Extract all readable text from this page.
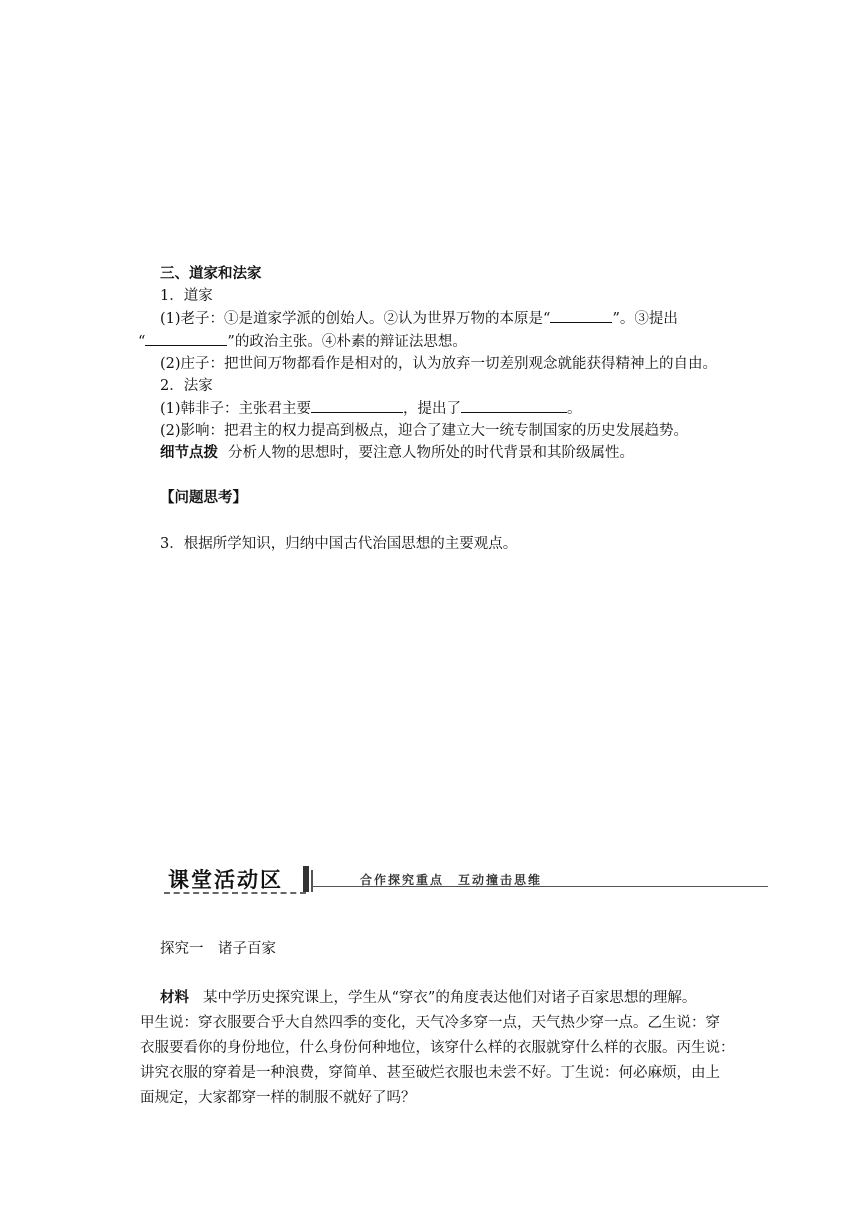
三、道家和法家
1．道家
(1)老子：①是道家学派的创始人。②认为世界万物的本原是“	”。③提出
“	”的政治主张。④朴素的辩证法思想。
(2)庄子：把世间万物都看作是相对的，认为放弃一切差别观念就能获得精神上的自由。
2．法家
(1)韩非子：主张君主要	，提出了	。
(2)影响：把君主的权力提高到极点，迎合了建立大一统专制国家的历史发展趋势。
细节点拨 分析人物的思想时，要注意人物所处的时代背景和其阶级属性。
【问题思考】
3．根据所学知识，归纳中国古代治国思想的主要观点。
课堂活动区	合作探究重点　互动撞击思维
探究一　诸子百家
材料 某中学历史探究课上，学生从“穿衣”的角度表达他们对诸子百家思想的理解。
甲生说：穿衣服要合乎大自然四季的变化，天气冷多穿一点，天气热少穿一点。乙生说：穿
衣服要看你的身份地位，什么身份何种地位，该穿什么样的衣服就穿什么样的衣服。丙生说：
讲究衣服的穿着是一种浪费，穿简单、甚至破烂衣服也未尝不好。丁生说：何必麻烦，由上
面规定，大家都穿一样的制服不就好了吗？
